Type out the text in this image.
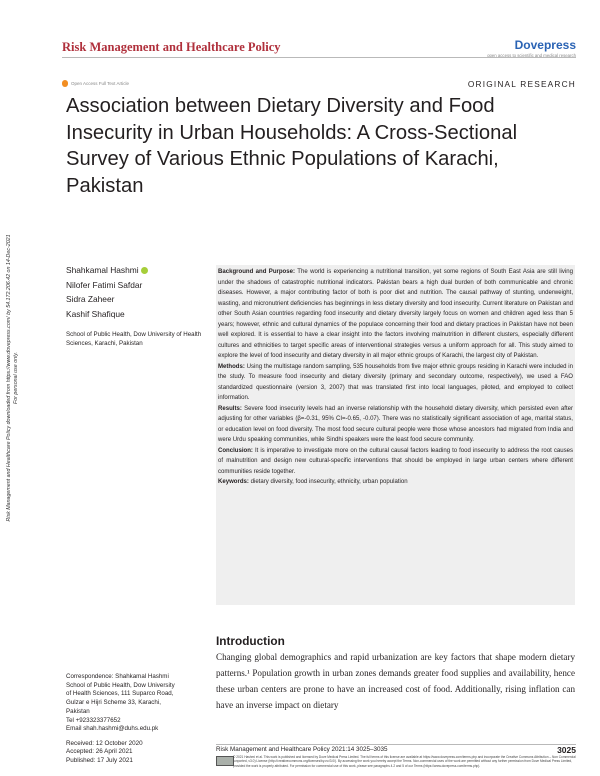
Risk Management and Healthcare Policy	Dovepress
open access to scientific and medical research
Open Access Full Text Article	ORIGINAL RESEARCH
Association between Dietary Diversity and Food Insecurity in Urban Households: A Cross-Sectional Survey of Various Ethnic Populations of Karachi, Pakistan
Risk Management and Healthcare Policy downloaded from https://www.dovepress.com/ by 54.172.206.42 on 14-Dec-2021
For personal use only.
Shahkamal Hashmi
Nilofer Fatimi Safdar
Sidra Zaheer
Kashif Shafique
School of Public Health, Dow University of Health Sciences, Karachi, Pakistan

Background and Purpose: The world is experiencing a nutritional transition, yet some regions of South East Asia are still living under the shadows of catastrophic nutritional indicators. Pakistan bears a high dual burden of both communicable and chronic diseases. However, a major contributing factor of both is poor diet and nutrition. The causal pathway of stunting, underweight, wasting, and micronutrient deficiencies has beginnings in less dietary diversity and food insecurity. Current literature on Pakistan and other South Asian countries regarding food insecurity and dietary diversity largely focus on women and children aged less than 5 years; however, ethnic and cultural dynamics of the populace concerning their food and dietary practices in Pakistan have not been well explored. It is essential to have a clear insight into the factors involving malnutrition in different clusters, especially different cultures and ethnicities to target specific areas of interventional strategies versus a uniform approach for all. This study aimed to explore the level of food insecurity and dietary diversity in all major ethnic groups of Karachi, the largest city of Pakistan.

Methods: Using the multistage random sampling, 535 households from five major ethnic groups residing in Karachi were included in the study. To measure food insecurity and dietary diversity (primary and secondary outcome, respectively), we used a FAO standardized questionnaire (version 3, 2007) that was translated first into local languages, piloted, and employed to collect information.

Results: Severe food insecurity levels had an inverse relationship with the household dietary diversity, which persisted even after adjusting for other variables (β=-0.31, 95% CI=-0.65, -0.07). There was no statistically significant association of age, marital status, or education level on food diversity. The most food secure cultural people were those whose ancestors had migrated from India and were Urdu speaking communities, while Sindhi speakers were the least food secure community.

Conclusion: It is imperative to investigate more on the cultural causal factors leading to food insecurity to address the root causes of malnutrition and design new cultural-specific interventions that should be employed in large urban centers where different communities reside together.

Keywords: dietary diversity, food insecurity, ethnicity, urban population

Correspondence: Shahkamal Hashmi
School of Public Health, Dow University
of Health Sciences, 111 Suparco Road,
Gulzar e Hijri Scheme 33, Karachi,
Pakistan
Tel +923323377652
Email shah.hashmi@duhs.edu.pk
Introduction
Changing global demographics and rapid urbanization are key factors that shape modern dietary patterns.¹ Population growth in urban zones demands greater food supplies and availability, hence these urban centers are prone to have an increased cost of food. Additionally, rising inflation can have an inverse impact on dietary
Received: 12 October 2020
Accepted: 26 April 2021
Published: 17 July 2021
Risk Management and Healthcare Policy 2021:14 3025–3035	3025
© 2021 Hashmi et al. This work is published and licensed by Dove Medical Press Limited. The full terms of this license are available at https://www.dovepress.com/terms.php and incorporate the Creative Commons Attribution – Non Commercial (unported, v3.0) License (http://creativecommons.org/licenses/by-nc/3.0/). By accessing the work you hereby accept the Terms. Non-commercial uses of the work are permitted without any further permission from Dove Medical Press Limited, provided the work is properly attributed. For permission for commercial use of this work, please see paragraphs 4.2 and 5 of our Terms (https://www.dovepress.com/terms.php).
